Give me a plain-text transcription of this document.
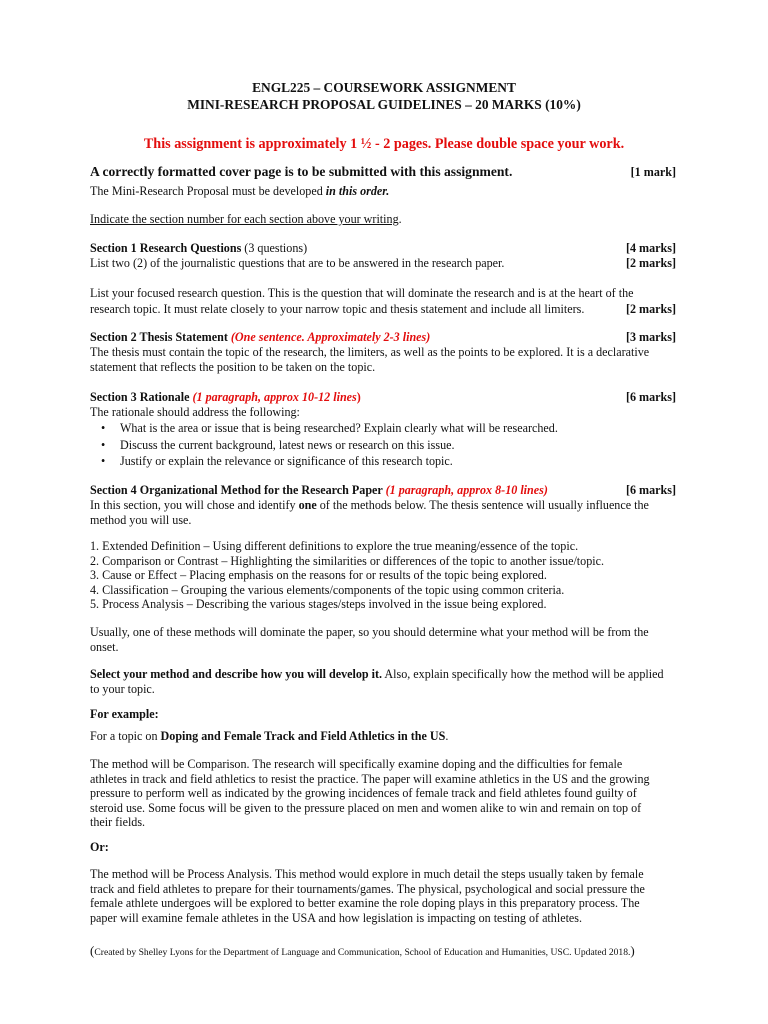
ENGL225 – COURSEWORK ASSIGNMENT
MINI-RESEARCH PROPOSAL GUIDELINES – 20 MARKS (10%)
This assignment is approximately 1 ½ - 2 pages. Please double space your work.
A correctly formatted cover page is to be submitted with this assignment.	[1 mark]
The Mini-Research Proposal must be developed in this order.
Indicate the section number for each section above your writing.
Section 1 Research Questions (3 questions)	[4 marks]
List two (2) of the journalistic questions that are to be answered in the research paper.	[2 marks]
List your focused research question. This is the question that will dominate the research and is at the heart of the
research topic. It must relate closely to your narrow topic and thesis statement and include all limiters.	[2 marks]
Section 2 Thesis Statement (One sentence. Approximately 2-3 lines)	[3 marks]
The thesis must contain the topic of the research, the limiters, as well as the points to be explored. It is a declarative
statement that reflects the position to be taken on the topic.
Section 3 Rationale (1 paragraph, approx 10-12 lines)	[6 marks]
The rationale should address the following:
• What is the area or issue that is being researched? Explain clearly what will be researched.
• Discuss the current background, latest news or research on this issue.
• Justify or explain the relevance or significance of this research topic.
Section 4 Organizational Method for the Research Paper (1 paragraph, approx 8-10 lines)	[6 marks]
In this section, you will chose and identify one of the methods below. The thesis sentence will usually influence the
method you will use.
1. Extended Definition – Using different definitions to explore the true meaning/essence of the topic.
2. Comparison or Contrast – Highlighting the similarities or differences of the topic to another issue/topic.
3. Cause or Effect – Placing emphasis on the reasons for or results of the topic being explored.
4. Classification – Grouping the various elements/components of the topic using common criteria.
5. Process Analysis – Describing the various stages/steps involved in the issue being explored.
Usually, one of these methods will dominate the paper, so you should determine what your method will be from the
onset.
Select your method and describe how you will develop it. Also, explain specifically how the method will be applied
to your topic.
For example:
For a topic on Doping and Female Track and Field Athletics in the US.
The method will be Comparison. The research will specifically examine doping and the difficulties for female
athletes in track and field athletics to resist the practice. The paper will examine athletics in the US and the growing
pressure to perform well as indicated by the growing incidences of female track and field athletes found guilty of
steroid use. Some focus will be given to the pressure placed on men and women alike to win and remain on top of
their fields.
Or:
The method will be Process Analysis. This method would explore in much detail the steps usually taken by female
track and field athletes to prepare for their tournaments/games. The physical, psychological and social pressure the
female athlete undergoes will be explored to better examine the role doping plays in this preparatory process. The
paper will examine female athletes in the USA and how legislation is impacting on testing of athletes.
(Created by Shelley Lyons for the Department of Language and Communication, School of Education and Humanities, USC. Updated 2018.)
